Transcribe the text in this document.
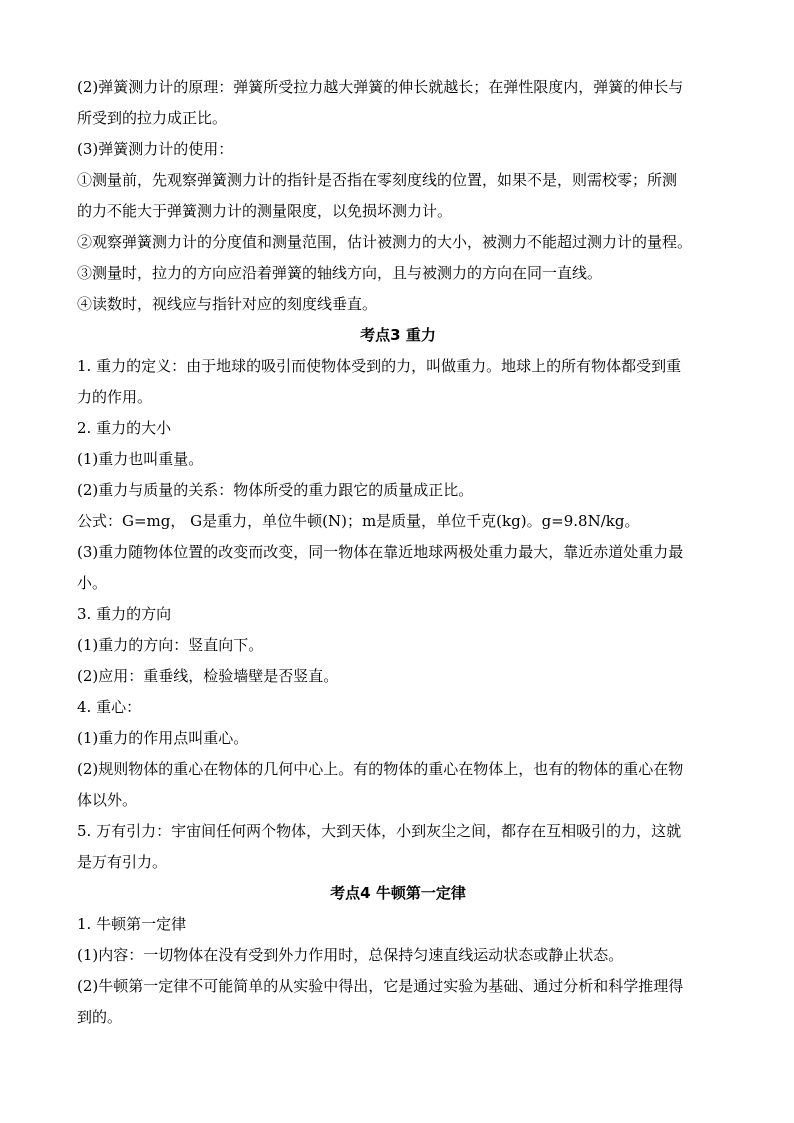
(2)弹簧测力计的原理：弹簧所受拉力越大弹簧的伸长就越长；在弹性限度内，弹簧的伸长与
所受到的拉力成正比。
(3)弹簧测力计的使用：
①测量前，先观察弹簧测力计的指针是否指在零刻度线的位置，如果不是，则需校零；所测
的力不能大于弹簧测力计的测量限度，以免损坏测力计。
②观察弹簧测力计的分度值和测量范围，估计被测力的大小，被测力不能超过测力计的量程。
③测量时，拉力的方向应沿着弹簧的轴线方向，且与被测力的方向在同一直线。
④读数时，视线应与指针对应的刻度线垂直。
考点3 重力
1. 重力的定义：由于地球的吸引而使物体受到的力，叫做重力。地球上的所有物体都受到重
力的作用。
2. 重力的大小
(1)重力也叫重量。
(2)重力与质量的关系：物体所受的重力跟它的质量成正比。
公式：G=mg， G是重力，单位牛顿(N)；m是质量，单位千克(kg)。g=9.8N/kg。
(3)重力随物体位置的改变而改变，同一物体在靠近地球两极处重力最大，靠近赤道处重力最
小。
3. 重力的方向
(1)重力的方向：竖直向下。
(2)应用：重垂线，检验墙壁是否竖直。
4. 重心：
(1)重力的作用点叫重心。
(2)规则物体的重心在物体的几何中心上。有的物体的重心在物体上，也有的物体的重心在物
体以外。
5. 万有引力：宇宙间任何两个物体，大到天体，小到灰尘之间，都存在互相吸引的力，这就
是万有引力。
考点4 牛顿第一定律
1. 牛顿第一定律
(1)内容：一切物体在没有受到外力作用时，总保持匀速直线运动状态或静止状态。
(2)牛顿第一定律不可能简单的从实验中得出，它是通过实验为基础、通过分析和科学推理得
到的。
